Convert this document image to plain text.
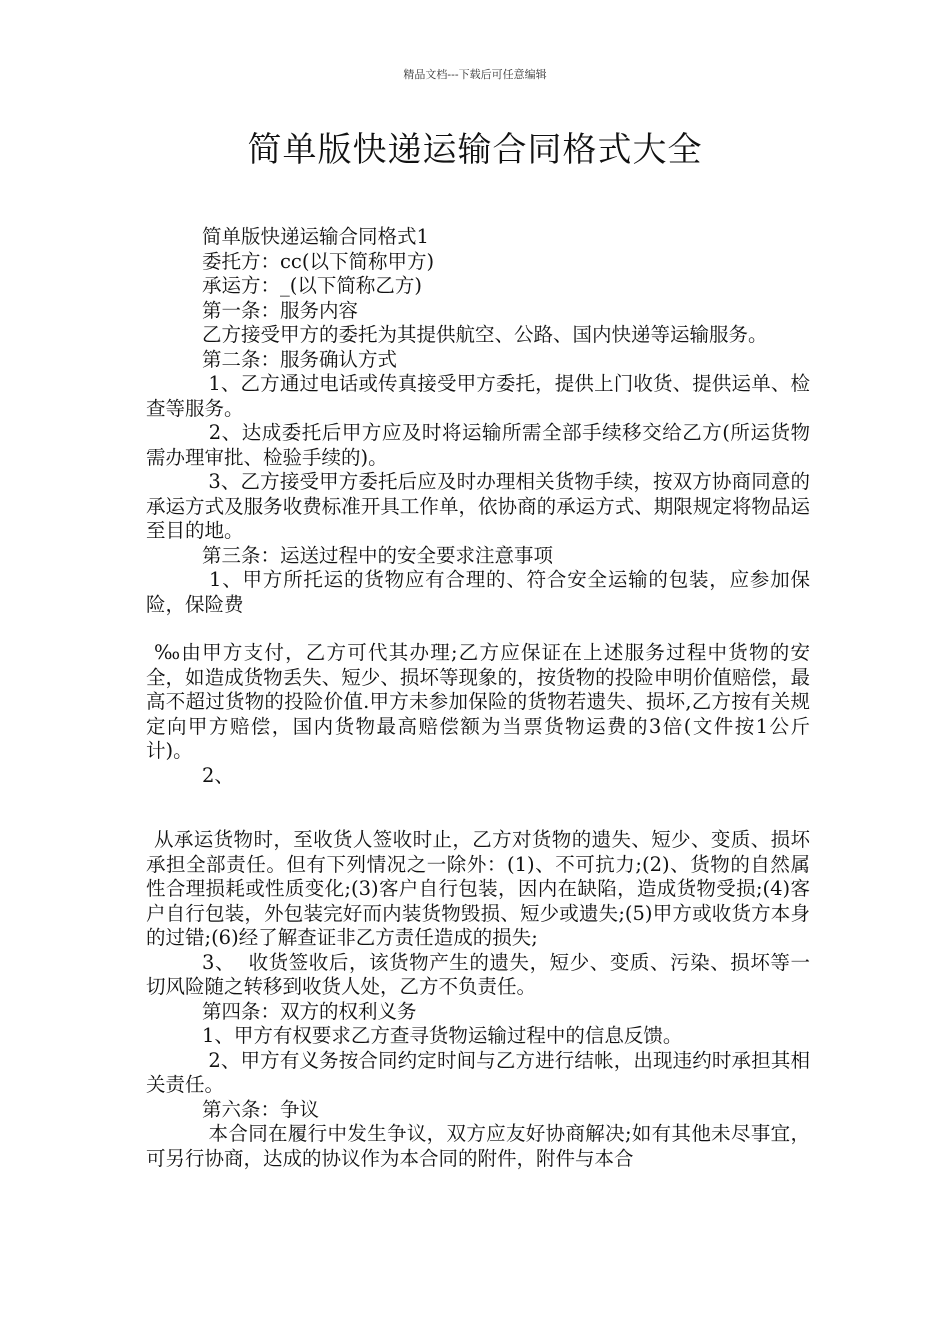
精品文档---下载后可任意编辑
简单版快递运输合同格式大全

简单版快递运输合同格式1

委托方：cc(以下简称甲方)

承运方：_(以下简称乙方)

第一条：服务内容

乙方接受甲方的委托为其提供航空、公路、国内快递等运输服务。

第二条：服务确认方式

1、乙方通过电话或传真接受甲方委托，提供上门收货、提供运单、检查等服务。

2、达成委托后甲方应及时将运输所需全部手续移交给乙方(所运货物需办理审批、检验手续的)。

3、乙方接受甲方委托后应及时办理相关货物手续，按双方协商同意的承运方式及服务收费标准开具工作单，依协商的承运方式、期限规定将物品运至目的地。

第三条：运送过程中的安全要求注意事项

1、甲方所托运的货物应有合理的、符合安全运输的包装，应参加保险，保险费

‰由甲方支付，乙方可代其办理;乙方应保证在上述服务过程中货物的安全，如造成货物丢失、短少、损坏等现象的，按货物的投险申明价值赔偿，最高不超过货物的投险价值.甲方未参加保险的货物若遗失、损坏,乙方按有关规定向甲方赔偿，国内货物最高赔偿额为当票货物运费的3倍(文件按1公斤计)。

2、

从承运货物时，至收货人签收时止，乙方对货物的遗失、短少、变质、损坏承担全部责任。但有下列情况之一除外：(1)、不可抗力;(2)、货物的自然属性合理损耗或性质变化;(3)客户自行包装，因内在缺陷，造成货物受损;(4)客户自行包装，外包装完好而内装货物毁损、短少或遗失;(5)甲方或收货方本身的过错;(6)经了解查证非乙方责任造成的损失;

3、  收货签收后，该货物产生的遗失，短少、变质、污染、损坏等一切风险随之转移到收货人处，乙方不负责任。

第四条：双方的权利义务

1、甲方有权要求乙方查寻货物运输过程中的信息反馈。

2、甲方有义务按合同约定时间与乙方进行结帐，出现违约时承担其相关责任。

第六条：争议

本合同在履行中发生争议，双方应友好协商解决;如有其他未尽事宜，可另行协商，达成的协议作为本合同的附件，附件与本合
